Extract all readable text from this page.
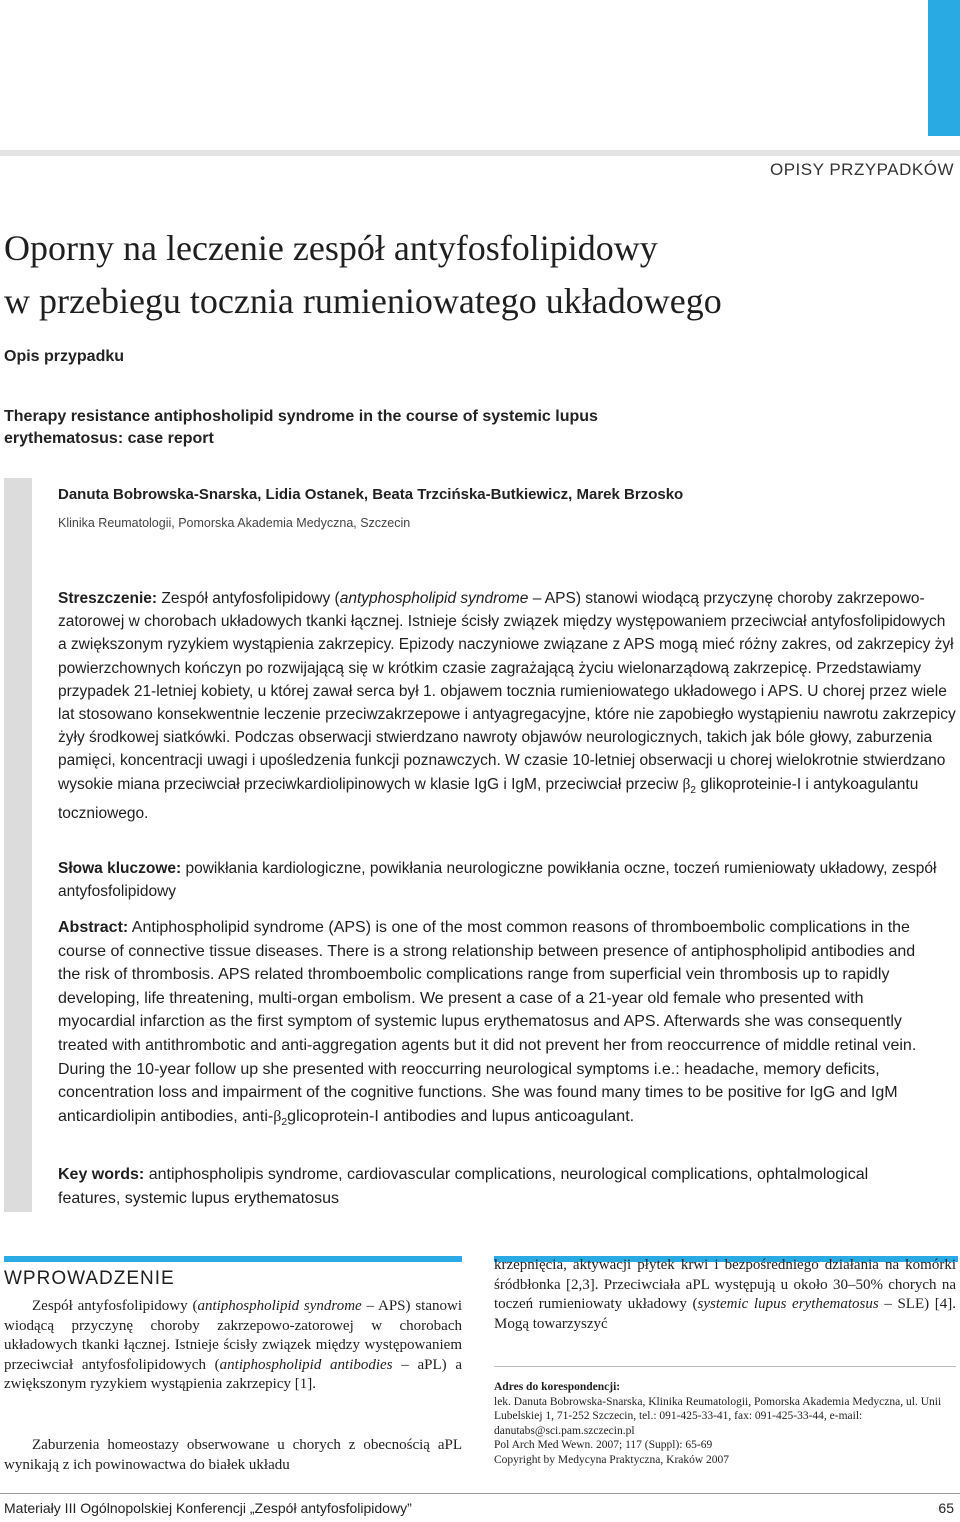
OPISY PRZYPADKÓW
Oporny na leczenie zespół antyfosfolipidowy
w przebiegu tocznia rumieniowatego układowego
Opis przypadku
Therapy resistance antiphosholipid syndrome in the course of systemic lupus
erythematosus: case report
Danuta Bobrowska-Snarska, Lidia Ostanek, Beata Trzcińska-Butkiewicz, Marek Brzosko
Klinika Reumatologii, Pomorska Akademia Medyczna, Szczecin

Streszczenie: Zespół antyfosfolipidowy (antyphospholipid syndrome – APS) stanowi wiodącą przyczynę choroby zakrzepowo-zatorowej w chorobach układowych tkanki łącznej. Istnieje ścisły związek między występowaniem przeciwciał antyfosfolipidowych a zwiększonym ryzykiem wystąpienia zakrzepicy. Epizody naczyniowe związane z APS mogą mieć różny zakres, od zakrzepicy żył powierzchownych kończyn po rozwijającą się w krótkim czasie zagrażającą życiu wielonarządową zakrzepicę. Przedstawiamy przypadek 21-letniej kobiety, u której zawał serca był 1. objawem tocznia rumieniowatego układowego i APS. U chorej przez wiele lat stosowano konsekwentnie leczenie przeciwzakrzepowe i antyagregacyjne, które nie zapobiegło wystąpieniu nawrotu zakrzepicy żyły środkowej siatkówki. Podczas obserwacji stwierdzano nawroty objawów neurologicznych, takich jak bóle głowy, zaburzenia pamięci, koncentracji uwagi i upośledzenia funkcji poznawczych. W czasie 10-letniej obserwacji u chorej wielokrotnie stwierdzano wysokie miana przeciwciał przeciwkardiolipinowych w klasie IgG i IgM, przeciwciał przeciw $\beta_2$ glikoproteinie-I i antykoagulantu toczniowego.

Słowa kluczowe: powikłania kardiologiczne, powikłania neurologiczne powikłania oczne, toczeń rumieniowaty układowy, zespół antyfosfolipidowy

Abstract: Antiphospholipid syndrome (APS) is one of the most common reasons of thromboembolic complications in the course of connective tissue diseases. There is a strong relationship between presence of antiphospholipid antibodies and the risk of thrombosis. APS related thromboembolic complications range from superficial vein thrombosis up to rapidly developing, life threatening, multi-organ embolism. We present a case of a 21-year old female who presented with myocardial infarction as the first symptom of systemic lupus erythematosus and APS. Afterwards she was consequently treated with antithrombotic and anti-aggregation agents but it did not prevent her from reoccurrence of middle retinal vein. During the 10-year follow up she presented with reoccurring neurological symptoms i.e.: headache, memory deficits, concentration loss and impairment of the cognitive functions. She was found many times to be positive for IgG and IgM anticardiolipin antibodies, anti-$\beta_2glicoprotein-I$ antibodies and lupus anticoagulant.

Key words: antiphospholipis syndrome, cardiovascular complications, neurological complications, ophtalmological features, systemic lupus erythematosus

WPROWADZENIE

Zespół antyfosfolipidowy (antiphospholipid syndrome – APS) stanowi wiodącą przyczynę choroby zakrzepowo-zatorowej w chorobach układowych tkanki łącznej. Istnieje ścisły związek między występowaniem przeciwciał antyfosfolipidowych (antiphospholipid antibodies – aPL) a zwiększonym ryzykiem wystąpienia zakrzepicy [1].

Zaburzenia homeostazy obserwowane u chorych z obecnością aPL wynikają z ich powinowactwa do białek układu

krzepnięcia, aktywacji płytek krwi i bezpośredniego działania na komórki śródbłonka [2,3]. Przeciwciała aPL występują u około 30–50% chorych na toczeń rumieniowaty układowy (systemic lupus erythematosus – SLE) [4]. Mogą towarzyszyć

Adres do korespondencji:
lek. Danuta Bobrowska-Snarska, Klinika Reumatologii, Pomorska Akademia Medyczna, ul. Unii Lubelskiej 1, 71-252 Szczecin, tel.: 091-425-33-41, fax: 091-425-33-44, e-mail: danutabs@sci.pam.szczecin.pl
Pol Arch Med Wewn. 2007; 117 (Suppl): 65-69
Copyright by Medycyna Praktyczna, Kraków 2007
Materiały III Ogólnopolskiej Konferencji „Zespół antyfosfolipidowy”	65
